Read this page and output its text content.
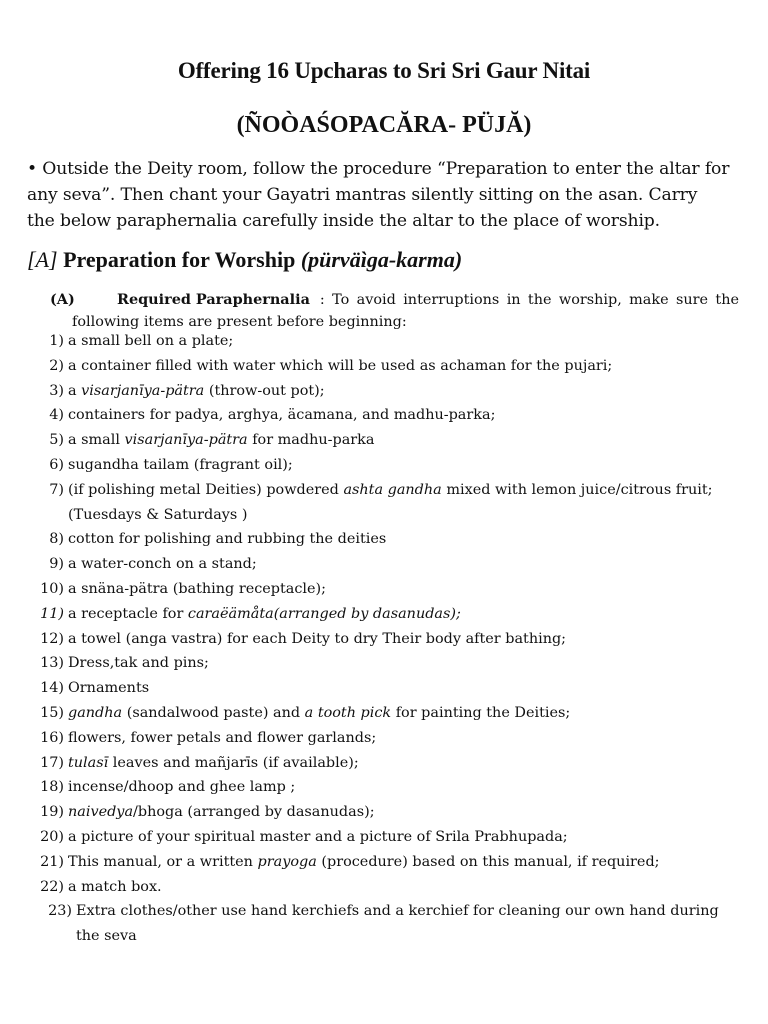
Offering 16 Upcharas to Sri Sri Gaur Nitai
(ÑOÒAŚOPACĂRA- PÜJĂ)
• Outside the Deity room, follow the procedure “Preparation to enter the altar for
any seva”. Then chant your Gayatri mantras silently sitting on the asan. Carry
the below paraphernalia carefully inside the altar to the place of worship.
[A] Preparation for Worship (pürväìga-karma)
(A)	Required Paraphernalia : To avoid interruptions in the worship, make sure the
following items are present before beginning:
1) a small bell on a plate;
2) a container filled with water which will be used as achaman for the pujari;
3) a visarjanīya-pätra (throw-out pot);
4) containers for padya, arghya, äcamana, and madhu-parka;
5) a small visarjanīya-pätra for madhu-parka
6) sugandha tailam (fragrant oil);
7) (if polishing metal Deities) powdered ashta gandha mixed with lemon juice/citrous fruit;
(Tuesdays & Saturdays )
8) cotton for polishing and rubbing the deities
9) a water-conch on a stand;
10) a snäna-pätra (bathing receptacle);
11) a receptacle for caraëämåta(arranged by dasanudas);
12) a towel (anga vastra) for each Deity to dry Their body after bathing;
13) Dress,tak and pins;
14) Ornaments
15) gandha (sandalwood paste) and a tooth pick for painting the Deities;
16) flowers, fower petals and flower garlands;
17) tulasī leaves and mañjarīs (if available);
18) incense/dhoop and ghee lamp ;
19) naivedya/bhoga (arranged by dasanudas);
20) a picture of your spiritual master and a picture of Srila Prabhupada;
21) This manual, or a written prayoga (procedure) based on this manual, if required;
22) a match box.
23) Extra clothes/other use hand kerchiefs and a kerchief for cleaning our own hand during the seva
